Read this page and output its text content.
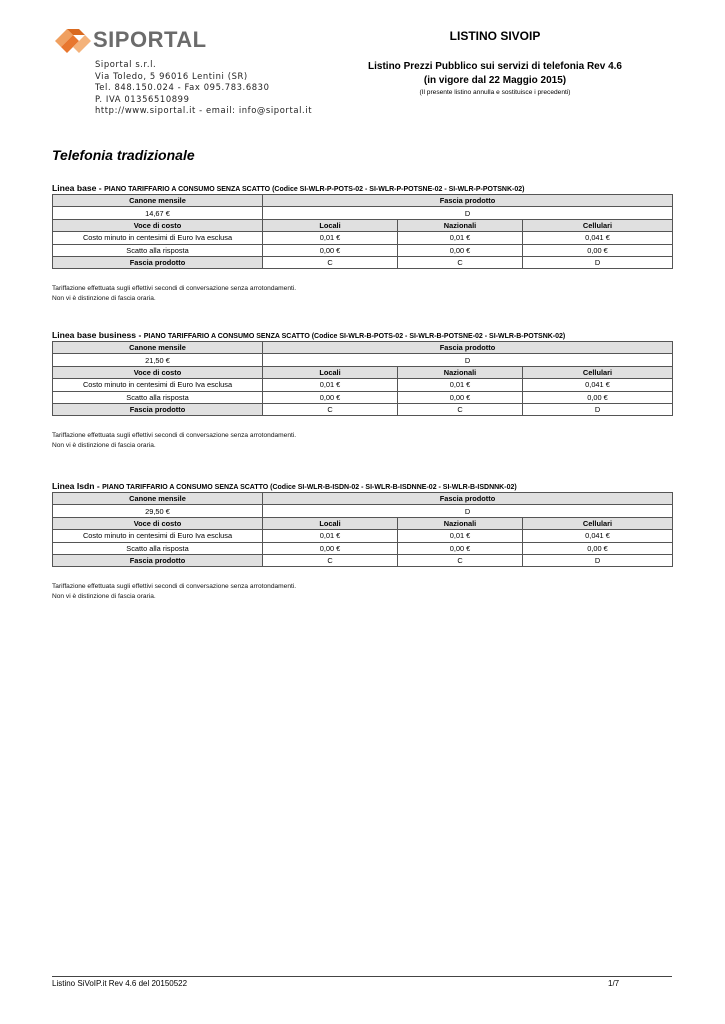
SIPORTAL
Siportal s.r.l.
Via Toledo, 5 96016 Lentini (SR)
Tel. 848.150.024 - Fax 095.783.6830
P. IVA 01356510899
http://www.siportal.it - email: info@siportal.it
LISTINO SIVOIP
Listino Prezzi Pubblico sui servizi di telefonia Rev 4.6
(in vigore dal 22 Maggio 2015)
(Il presente listino annulla e sostituisce i precedenti)
Telefonia tradizionale
Linea base - PIANO TARIFFARIO A CONSUMO SENZA SCATTO (Codice SI-WLR-P-POTS-02 - SI-WLR-P-POTSNE-02 - SI-WLR-P-POTSNK-02)
Canone mensile	Fascia prodotto		
14,67 €	D		
Voce di costo	Locali	Nazionali	Cellulari
Costo minuto in centesimi di Euro Iva esclusa	0,01 €	0,01 €	0,041 €
Scatto alla risposta	0,00 €	0,00 €	0,00 €
Fascia prodotto	C	C	D
Tariffazione effettuata sugli effettivi secondi di conversazione senza arrotondamenti.
Non vi è distinzione di fascia oraria.
Linea base business - PIANO TARIFFARIO A CONSUMO SENZA SCATTO (Codice SI-WLR-B-POTS-02 - SI-WLR-B-POTSNE-02 - SI-WLR-B-POTSNK-02)
Canone mensile	Fascia prodotto		
21,50 €	D		
Voce di costo	Locali	Nazionali	Cellulari
Costo minuto in centesimi di Euro Iva esclusa	0,01 €	0,01 €	0,041 €
Scatto alla risposta	0,00 €	0,00 €	0,00 €
Fascia prodotto	C	C	D
Tariffazione effettuata sugli effettivi secondi di conversazione senza arrotondamenti.
Non vi è distinzione di fascia oraria.
Linea Isdn - PIANO TARIFFARIO A CONSUMO SENZA SCATTO (Codice SI-WLR-B-ISDN-02 - SI-WLR-B-ISDNNE-02 - SI-WLR-B-ISDNNK-02)
Canone mensile	Fascia prodotto		
29,50 €	D		
Voce di costo	Locali	Nazionali	Cellulari
Costo minuto in centesimi di Euro Iva esclusa	0,01 €	0,01 €	0,041 €
Scatto alla risposta	0,00 €	0,00 €	0,00 €
Fascia prodotto	C	C	D
Tariffazione effettuata sugli effettivi secondi di conversazione senza arrotondamenti.
Non vi è distinzione di fascia oraria.
Listino SiVoIP.it Rev 4.6 del 20150522	1/7
